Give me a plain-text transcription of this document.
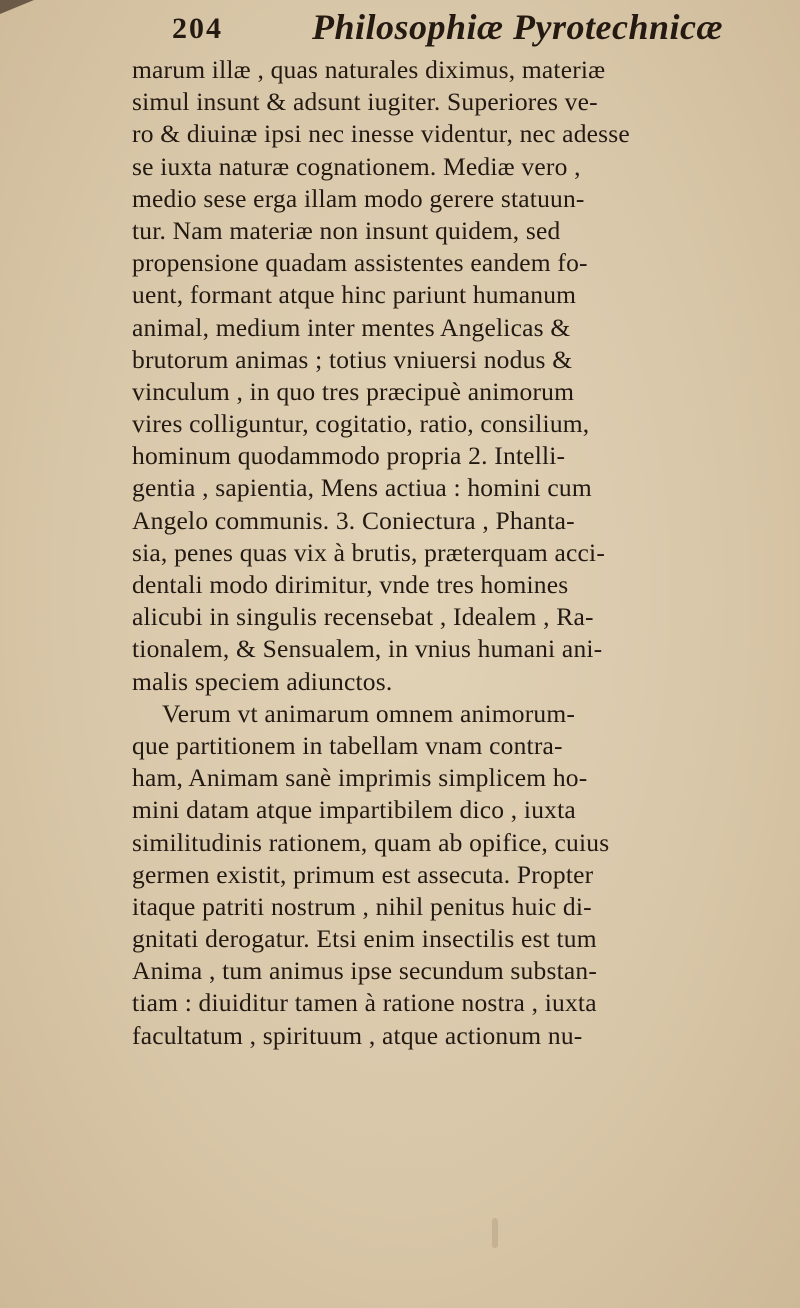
204 Philosophiæ Pyrotechnicæ
marum illæ , quas naturales diximus, materiæ
simul insunt & adsunt iugiter. Superiores ve-
ro & diuinæ ipsi nec inesse videntur, nec adesse
se iuxta naturæ cognationem. Mediæ vero ,
medio sese erga illam modo gerere statuun-
tur. Nam materiæ non insunt quidem, sed
propensione quadam assistentes eandem fo-
uent, formant atque hinc pariunt humanum
animal, medium inter mentes Angelicas &
brutorum animas ; totius vniuersi nodus &
vinculum , in quo tres præcipuè animorum
vires colliguntur, cogitatio, ratio, consilium,
hominum quodammodo propria 2. Intelli-
gentia , sapientia, Mens actiua : homini cum
Angelo communis. 3. Coniectura , Phanta-
sia, penes quas vix à brutis, præterquam acci-
dentali modo dirimitur, vnde tres homines
alicubi in singulis recensebat , Idealem , Ra-
tionalem, & Sensualem, in vnius humani ani-
malis speciem adiunctos.
Verum vt animarum omnem animorum-
que partitionem in tabellam vnam contra-
ham, Animam sanè imprimis simplicem ho-
mini datam atque impartibilem dico , iuxta
similitudinis rationem, quam ab opifice, cuius
germen existit, primum est assecuta. Propter
itaque patriti nostrum , nihil penitus huic di-
gnitati derogatur. Etsi enim insectilis est tum
Anima , tum animus ipse secundum substan-
tiam : diuiditur tamen à ratione nostra , iuxta
facultatum , spirituum , atque actionum nu-
